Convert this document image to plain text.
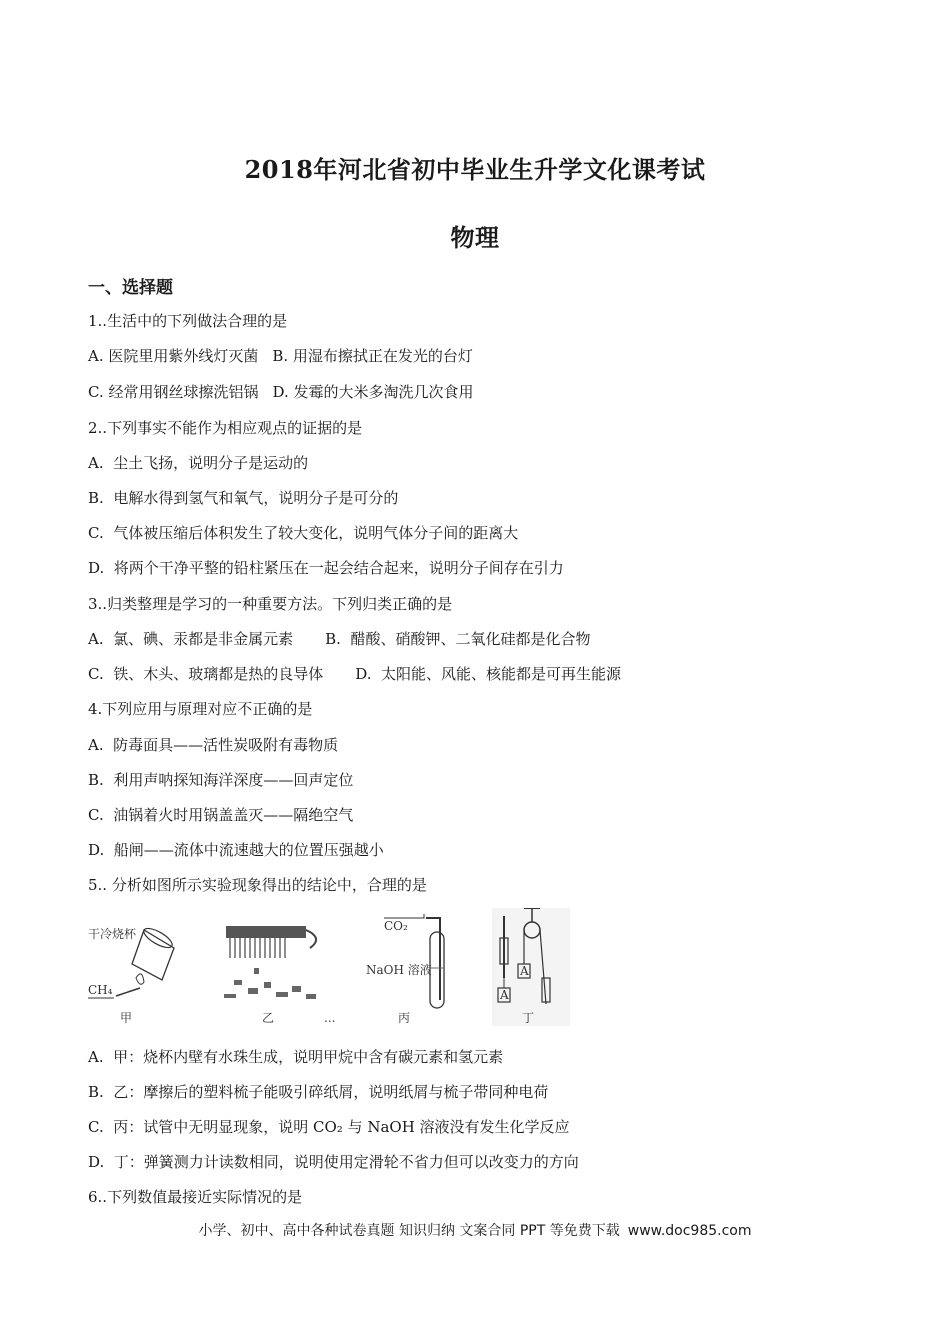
2018年河北省初中毕业生升学文化课考试
物理
一、选择题
1..生活中的下列做法合理的是
A. 医院里用紫外线灯灭菌 B. 用湿布擦拭正在发光的台灯
C. 经常用钢丝球擦洗铝锅 D. 发霉的大米多淘洗几次食用
2..下列事实不能作为相应观点的证据的是
A.  尘土飞扬，说明分子是运动的
B.  电解水得到氢气和氧气，说明分子是可分的
C.  气体被压缩后体积发生了较大变化，说明气体分子间的距离大
D.  将两个干净平整的铅柱紧压在一起会结合起来，说明分子间存在引力
3..归类整理是学习的一种重要方法。下列归类正确的是
A.  氯、碘、汞都是非金属元素 B.  醋酸、硝酸钾、二氧化硅都是化合物
C.  铁、木头、玻璃都是热的良导体 D.  太阳能、风能、核能都是可再生能源
4.下列应用与原理对应不正确的是
A.  防毒面具——活性炭吸附有毒物质
B.  利用声呐探知海洋深度——回声定位
C.  油锅着火时用锅盖盖灭——隔绝空气
D.  船闸——流体中流速越大的位置压强越小
5.. 分析如图所示实验现象得出的结论中，合理的是
干冷烧杯
CH₄
甲	乙	...
CO₂
NaOH 溶液
丙
A
A
丁
A.  甲：烧杯内壁有水珠生成，说明甲烷中含有碳元素和氢元素
B.  乙：摩擦后的塑料梳子能吸引碎纸屑，说明纸屑与梳子带同种电荷
C.  丙：试管中无明显现象，说明 CO₂ 与 NaOH 溶液没有发生化学反应
D.  丁：弹簧测力计读数相同，说明使用定滑轮不省力但可以改变力的方向
6..下列数值最接近实际情况的是
小学、初中、高中各种试卷真题 知识归纳 文案合同 PPT 等免费下载 www.doc985.com
